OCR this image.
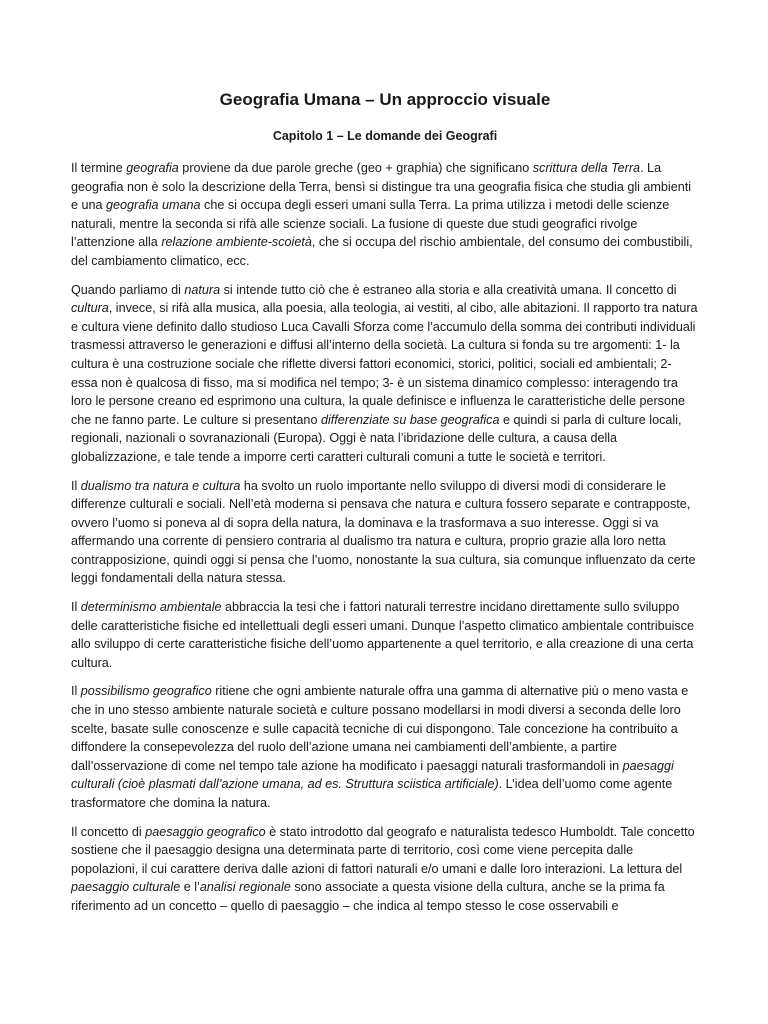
Geografia Umana – Un approccio visuale
Capitolo 1 – Le domande dei Geografi

Il termine geografia proviene da due parole greche (geo + graphia) che significano scrittura della Terra. La geografia non è solo la descrizione della Terra, bensì si distingue tra una geografia fisica che studia gli ambienti e una geografia umana che si occupa degli esseri umani sulla Terra. La prima utilizza i metodi delle scienze naturali, mentre la seconda si rifà alle scienze sociali. La fusione di queste due studi geografici rivolge l’attenzione alla relazione ambiente-scoietà, che si occupa del rischio ambientale, del consumo dei combustibili, del cambiamento climatico, ecc.

Quando parliamo di natura si intende tutto ciò che è estraneo alla storia e alla creatività umana. Il concetto di cultura, invece, si rifà alla musica, alla poesia, alla teologia, ai vestiti, al cibo, alle abitazioni. Il rapporto tra natura e cultura viene definito dallo studioso Luca Cavalli Sforza come l’accumulo della somma dei contributi individuali trasmessi attraverso le generazioni e diffusi all’interno della società. La cultura si fonda su tre argomenti: 1- la cultura è una costruzione sociale che riflette diversi fattori economici, storici, politici, sociali ed ambientali; 2- essa non è qualcosa di fisso, ma si modifica nel tempo; 3- è un sistema dinamico complesso: interagendo tra loro le persone creano ed esprimono una cultura, la quale definisce e influenza le caratteristiche delle persone che ne fanno parte. Le culture si presentano differenziate su base geografica e quindi si parla di culture locali, regionali, nazionali o sovranazionali (Europa). Oggi è nata l’ibridazione delle cultura, a causa della globalizzazione, e tale tende a imporre certi caratteri culturali comuni a tutte le società e territori.

Il dualismo tra natura e cultura ha svolto un ruolo importante nello sviluppo di diversi modi di considerare le differenze culturali e sociali. Nell’età moderna si pensava che natura e cultura fossero separate e contrapposte, ovvero l’uomo si poneva al di sopra della natura, la dominava e la trasformava a suo interesse. Oggi si va affermando una corrente di pensiero contraria al dualismo tra natura e cultura, proprio grazie alla loro netta contrapposizione, quindi oggi si pensa che l’uomo, nonostante la sua cultura, sia comunque influenzato da certe leggi fondamentali della natura stessa.

Il determinismo ambientale abbraccia la tesi che i fattori naturali terrestre incidano direttamente sullo sviluppo delle caratteristiche fisiche ed intellettuali degli esseri umani. Dunque l’aspetto climatico ambientale contribuisce allo sviluppo di certe caratteristiche fisiche dell’uomo appartenente a quel territorio, e alla creazione di una certa cultura.

Il possibilismo geografico ritiene che ogni ambiente naturale offra una gamma di alternative più o meno vasta e che in uno stesso ambiente naturale società e culture possano modellarsi in modi diversi a seconda delle loro scelte, basate sulle conoscenze e sulle capacità tecniche di cui dispongono. Tale concezione ha contribuito a diffondere la consepevolezza del ruolo dell’azione umana nei cambiamenti dell’ambiente, a partire dall’osservazione di come nel tempo tale azione ha modificato i paesaggi naturali trasformandoli in paesaggi culturali (cioè plasmati dall’azione umana, ad es. Struttura sciistica artificiale). L’idea dell’uomo come agente trasformatore che domina la natura.

Il concetto di paesaggio geografico è stato introdotto dal geografo e naturalista tedesco Humboldt. Tale concetto sostiene che il paesaggio designa una determinata parte di territorio, così come viene percepita dalle popolazioni, il cui carattere deriva dalle azioni di fattori naturali e/o umani e dalle loro interazioni. La lettura del paesaggio culturale e l’analisi regionale sono associate a questa visione della cultura, anche se la prima fa riferimento ad un concetto – quello di paesaggio – che indica al tempo stesso le cose osservabili e
